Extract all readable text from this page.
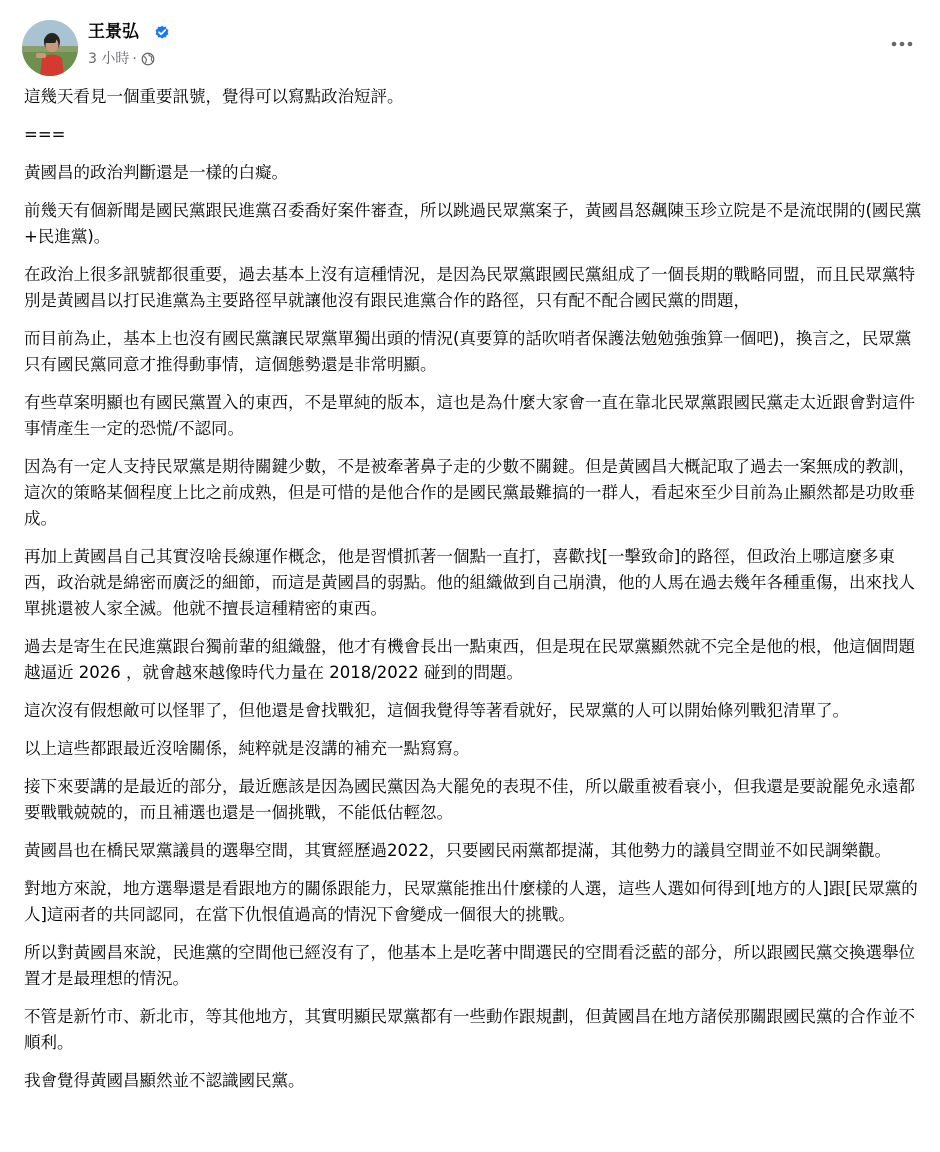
王景弘
3 小時 ·

這幾天看見一個重要訊號，覺得可以寫點政治短評。

===

黃國昌的政治判斷還是一樣的白癡。

前幾天有個新聞是國民黨跟民進黨召委喬好案件審查，所以跳過民眾黨案子，黃國昌怒飆陳玉珍立院是不是流氓開的(國民黨+民進黨)。

在政治上很多訊號都很重要，過去基本上沒有這種情況，是因為民眾黨跟國民黨組成了一個長期的戰略同盟，而且民眾黨特別是黃國昌以打民進黨為主要路徑早就讓他沒有跟民進黨合作的路徑，只有配不配合國民黨的問題，

而目前為止，基本上也沒有國民黨讓民眾黨單獨出頭的情況(真要算的話吹哨者保護法勉勉強強算一個吧)，換言之，民眾黨只有國民黨同意才推得動事情，這個態勢還是非常明顯。

有些草案明顯也有國民黨置入的東西，不是單純的版本，這也是為什麼大家會一直在靠北民眾黨跟國民黨走太近跟會對這件事情產生一定的恐慌/不認同。

因為有一定人支持民眾黨是期待關鍵少數，不是被牽著鼻子走的少數不關鍵。但是黃國昌大概記取了過去一案無成的教訓，這次的策略某個程度上比之前成熟，但是可惜的是他合作的是國民黨最難搞的一群人，看起來至少目前為止顯然都是功敗垂成。

再加上黃國昌自己其實沒啥長線運作概念，他是習慣抓著一個點一直打，喜歡找[一擊致命]的路徑，但政治上哪這麼多東西，政治就是綿密而廣泛的細節，而這是黃國昌的弱點。他的組織做到自己崩潰，他的人馬在過去幾年各種重傷，出來找人單挑還被人家全滅。他就不擅長這種精密的東西。

過去是寄生在民進黨跟台獨前輩的組織盤，他才有機會長出一點東西，但是現在民眾黨顯然就不完全是他的根，他這個問題越逼近 2026 ，就會越來越像時代力量在 2018/2022 碰到的問題。

這次沒有假想敵可以怪罪了，但他還是會找戰犯，這個我覺得等著看就好，民眾黨的人可以開始條列戰犯清單了。

以上這些都跟最近沒啥關係，純粹就是沒講的補充一點寫寫。

接下來要講的是最近的部分，最近應該是因為國民黨因為大罷免的表現不佳，所以嚴重被看衰小，但我還是要說罷免永遠都要戰戰兢兢的，而且補選也還是一個挑戰，不能低估輕忽。

黃國昌也在橋民眾黨議員的選舉空間，其實經歷過2022，只要國民兩黨都提滿，其他勢力的議員空間並不如民調樂觀。

對地方來說，地方選舉還是看跟地方的關係跟能力，民眾黨能推出什麼樣的人選，這些人選如何得到[地方的人]跟[民眾黨的人]這兩者的共同認同，在當下仇恨值過高的情況下會變成一個很大的挑戰。

所以對黃國昌來說，民進黨的空間他已經沒有了，他基本上是吃著中間選民的空間看泛藍的部分，所以跟國民黨交換選舉位置才是最理想的情況。

不管是新竹市、新北市，等其他地方，其實明顯民眾黨都有一些動作跟規劃，但黃國昌在地方諸侯那關跟國民黨的合作並不順利。

我會覺得黃國昌顯然並不認識國民黨。
